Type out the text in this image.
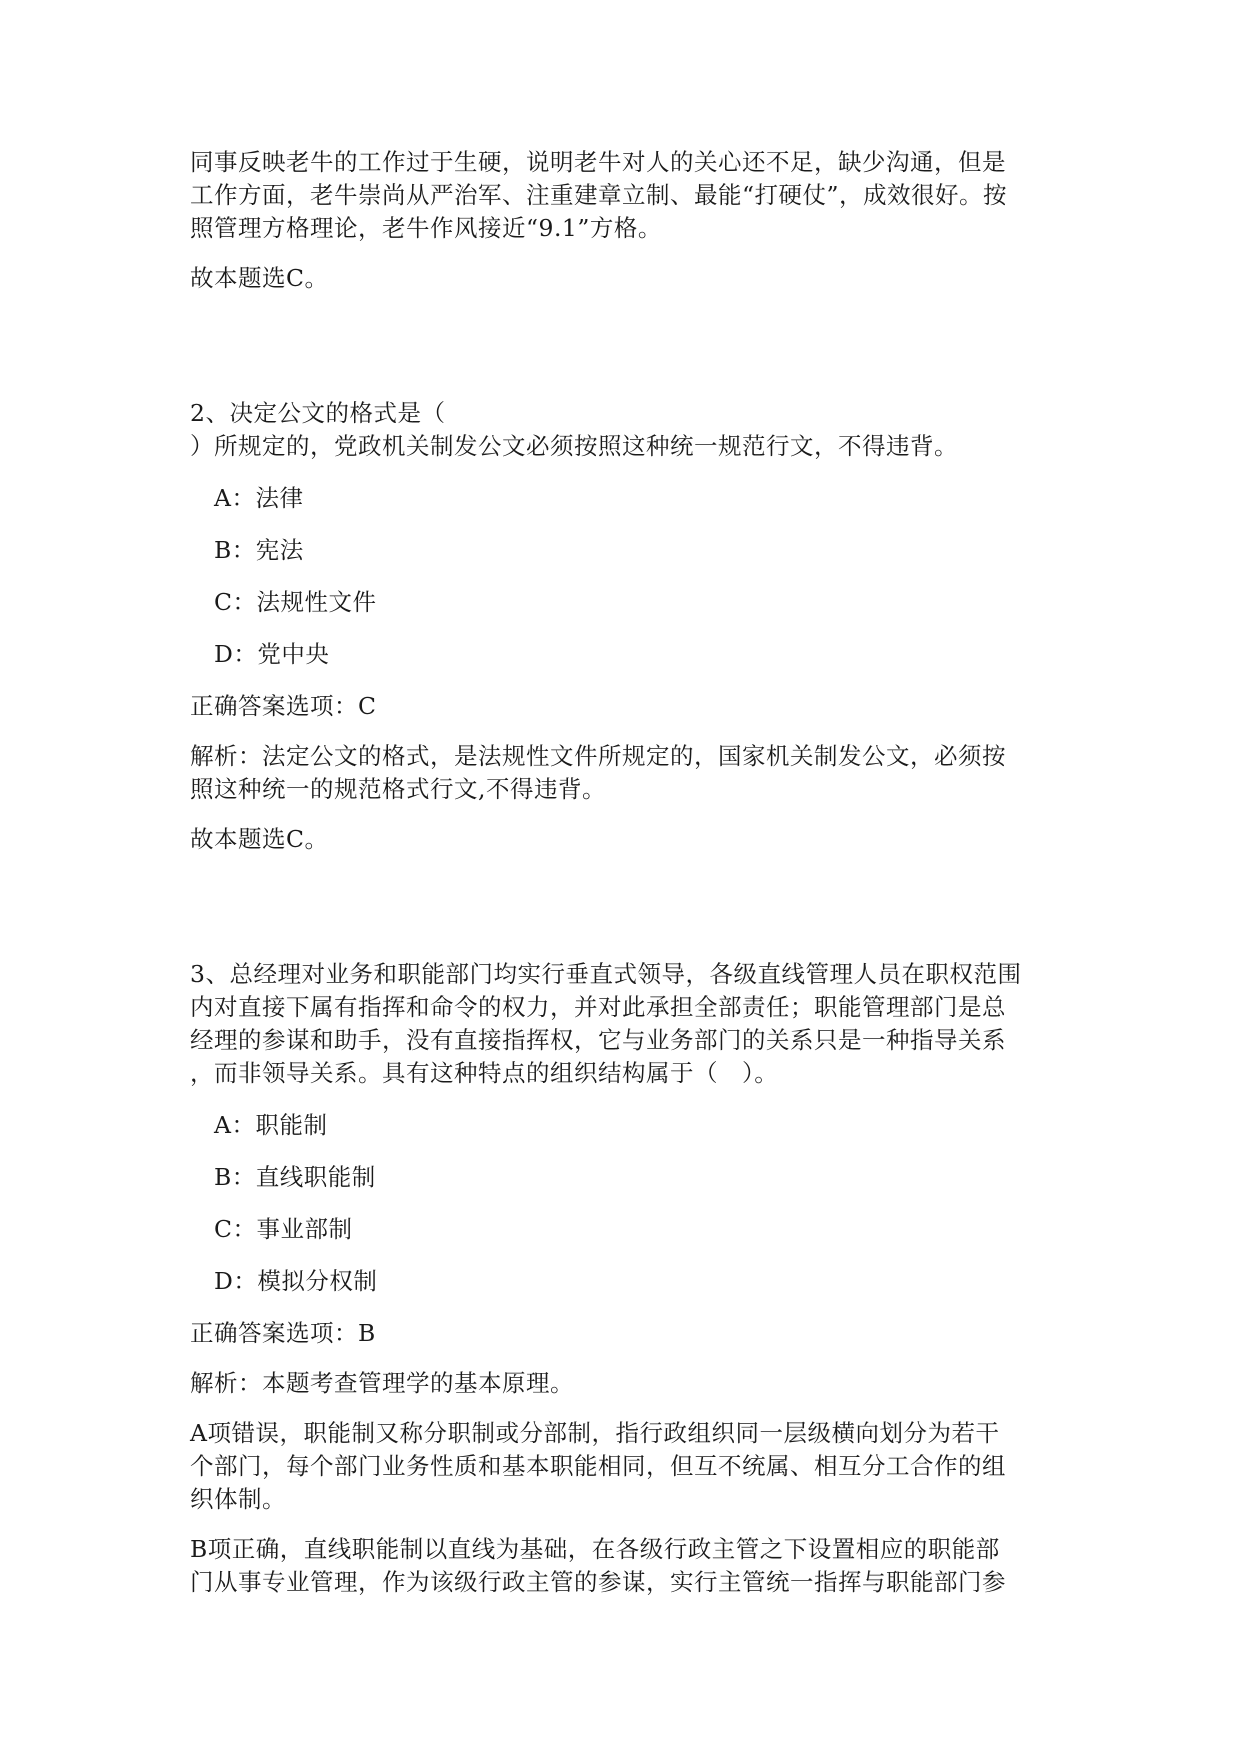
同事反映老牛的工作过于生硬，说明老牛对人的关心还不足，缺少沟通，但是

工作方面，老牛崇尚从严治军、注重建章立制、最能“打硬仗”，成效很好。按

照管理方格理论，老牛作风接近“9.1”方格。

故本题选C。

2、决定公文的格式是（

）所规定的，党政机关制发公文必须按照这种统一规范行文，不得违背。

A：法律

B：宪法

C：法规性文件

D：党中央

正确答案选项：C

解析：法定公文的格式，是法规性文件所规定的，国家机关制发公文，必须按

照这种统一的规范格式行文,不得违背。

故本题选C。

3、总经理对业务和职能部门均实行垂直式领导，各级直线管理人员在职权范围

内对直接下属有指挥和命令的权力，并对此承担全部责任；职能管理部门是总

经理的参谋和助手，没有直接指挥权，它与业务部门的关系只是一种指导关系

，而非领导关系。具有这种特点的组织结构属于（　）。

A：职能制

B：直线职能制

C：事业部制

D：模拟分权制

正确答案选项：B

解析：本题考查管理学的基本原理。

A项错误，职能制又称分职制或分部制，指行政组织同一层级横向划分为若干

个部门，每个部门业务性质和基本职能相同，但互不统属、相互分工合作的组

织体制。

B项正确，直线职能制以直线为基础，在各级行政主管之下设置相应的职能部

门从事专业管理，作为该级行政主管的参谋，实行主管统一指挥与职能部门参
